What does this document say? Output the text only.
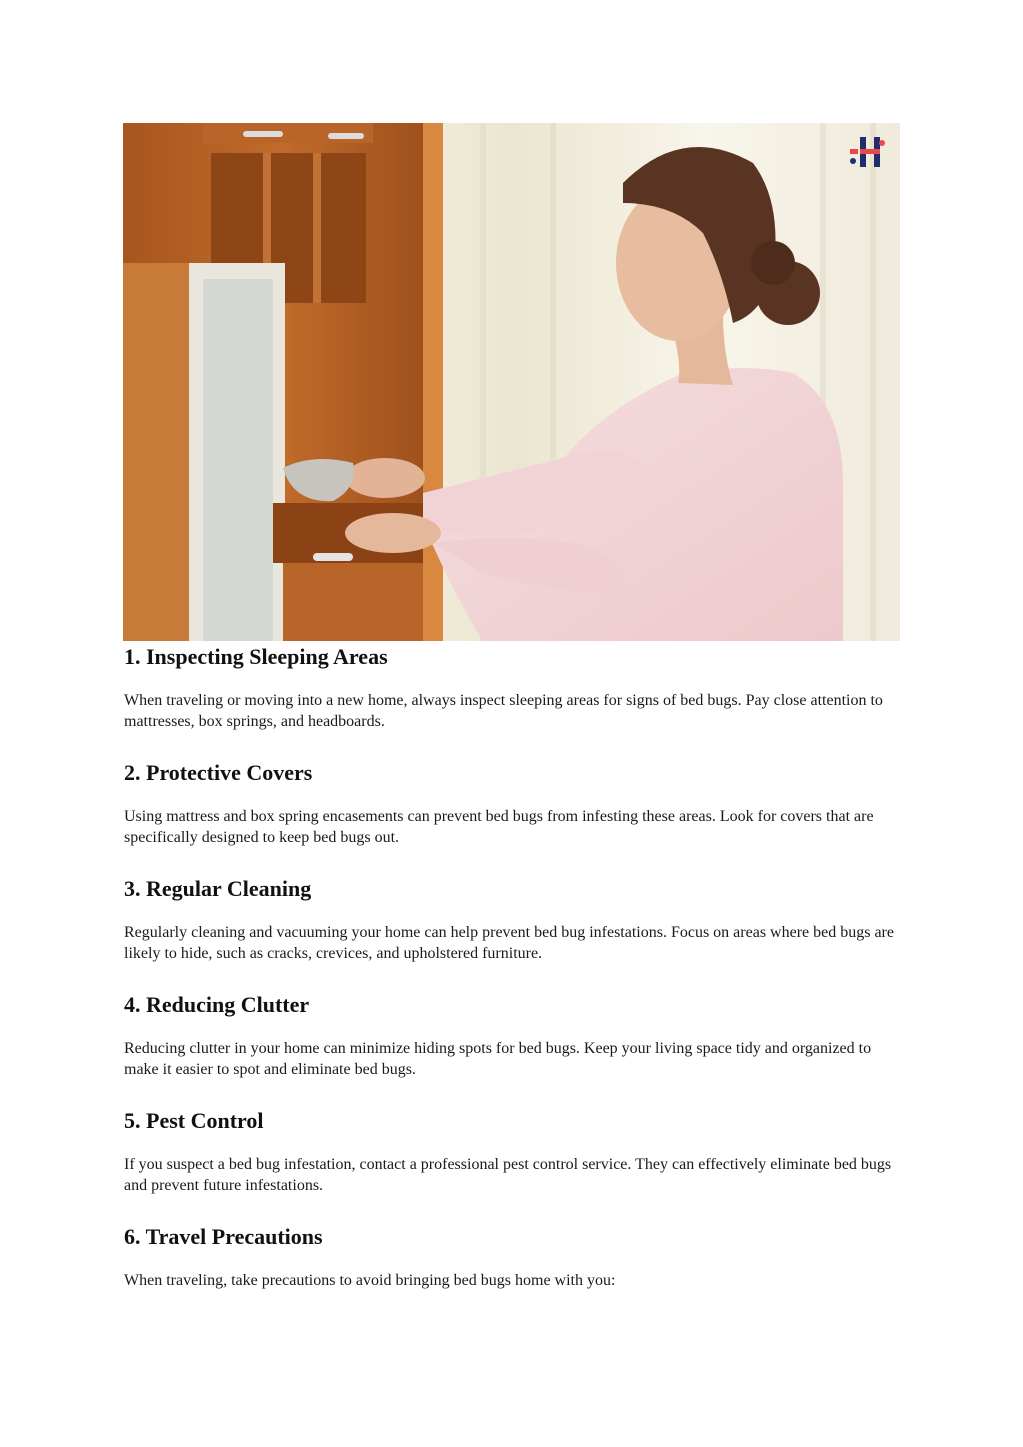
1. Inspecting Sleeping Areas

When traveling or moving into a new home, always inspect sleeping areas for signs of bed bugs. Pay close attention to mattresses, box springs, and headboards.

2. Protective Covers

Using mattress and box spring encasements can prevent bed bugs from infesting these areas. Look for covers that are specifically designed to keep bed bugs out.

3. Regular Cleaning

Regularly cleaning and vacuuming your home can help prevent bed bug infestations. Focus on areas where bed bugs are likely to hide, such as cracks, crevices, and upholstered furniture.

4. Reducing Clutter

Reducing clutter in your home can minimize hiding spots for bed bugs. Keep your living space tidy and organized to make it easier to spot and eliminate bed bugs.

5. Pest Control

If you suspect a bed bug infestation, contact a professional pest control service. They can effectively eliminate bed bugs and prevent future infestations.

6. Travel Precautions

When traveling, take precautions to avoid bringing bed bugs home with you:
